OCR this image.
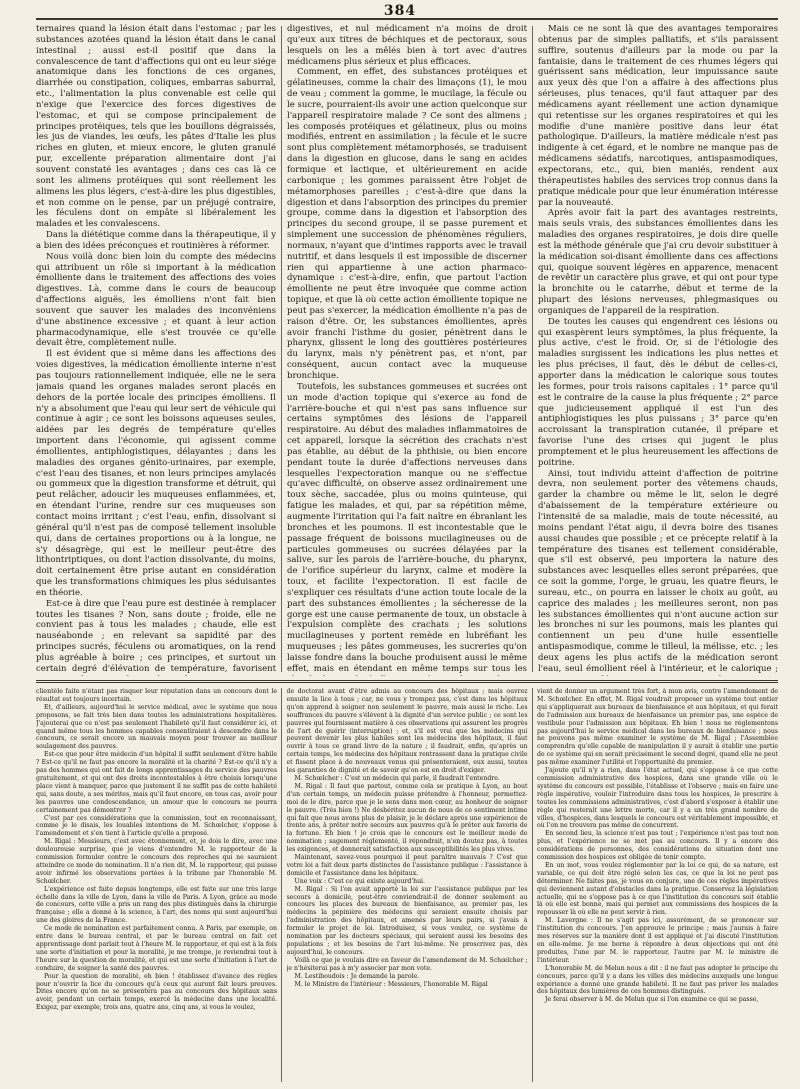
384

ternaires quand la lésion était dans l'estomac ; par les substances azotées quand la lésion était dans le canal intestinal ; aussi est-il positif que dans la convalescence de tant d'affections qui ont eu leur siége anatomique dans les fonctions de ces organes, diarrhée ou constipation, coliques, embarras saburral, etc., l'alimentation la plus convenable est celle qui n'exige que l'exercice des forces digestives de l'estomac, et qui se compose principalement de principes protéiques, tels que les bouillons dégraissés, les jus de viandes, les œufs, les pâtes d'Italie les plus riches en gluten, et mieux encore, le gluten granulé pur, excellente préparation alimentaire dont j'ai souvent constaté les avantages ; dans ces cas là ce sont les alimens protéiques qui sont réellement les alimens les plus légers, c'est-à-dire les plus digestibles, et non comme on le pense, par un préjugé contraire, les féculens dont on empâte si libéralement les malades et les convalescens.

Dans la diététique comme dans la thérapeutique, il y a bien des idées préconçues et routinières à réformer.

Nous voilà donc bien loin du compte des médecins qui attribuent un rôle si important à la médication émolliente dans le traitement des affections des voies digestives. Là, comme dans le cours de beaucoup d'affections aiguës, les émolliens n'ont fait bien souvent que sauver les malades des inconvéniens d'une abstinence excessive ; et quant à leur action pharmacodynamique, elle s'est trouvée ce qu'elle devait être, complètement nulle.

Il est évident que si même dans les affections des voies digestives, la médication émolliente interne n'est pas toujours rationnellement indiquée, elle ne le sera jamais quand les organes malades seront placés en dehors de la portée locale des principes émolliens. Il n'y a absolument que l'eau qui leur sert de véhicule qui continue à agir ; ce sont les boissons aqueuses seules, aidées par les degrés de température qu'elles importent dans l'économie, qui agissent comme émollientes, antiphlogistiques, délayantes ; dans les maladies des organes génito-urinaires, par exemple, c'est l'eau des tisanes, et non leurs principes amylacés ou gommeux que la digestion transforme et détruit, qui peut relâcher, adoucir les muqueuses enflammées, et, en étendant l'urine, rendre sur ces muqueuses son contact moins irritant ; c'est l'eau, enfin, dissolvant si général qu'il n'est pas de composé tellement insoluble qui, dans de certaines proportions ou à la longue, ne s'y désagrège, qui est le meilleur peut-être des lithontriptiques, ou dont l'action dissolvante, du moins, doit certainement être prise autant en considération que les transformations chimiques les plus séduisantes en théorie.

Est-ce à dire que l'eau pure est destinée à remplacer toutes les tisanes ? Non, sans doute ; froide, elle ne convient pas à tous les malades ; chaude, elle est nauséabonde ; en relevant sa sapidité par des principes sucrés, féculens ou aromatiques, on la rend plus agréable à boire ; ces principes, et surtout un certain degré d'élévation de température, favorisent

digestives, et nul médicament n'a moins de droit qu'eux aux titres de béchiques et de pectoraux, sous lesquels on les a mêlés bien à tort avec d'autres médicamens plus sérieux et plus efficaces.

Comment, en effet, des substances protéiques et gélatineuses, comme la chair des limaçons (1), le mou de veau ; comment la gomme, le mucilage, la fécule ou le sucre, pourraient-ils avoir une action quelconque sur l'appareil respiratoire malade ? Ce sont des alimens ; les composés protéiques et gélatineux, plus ou moins modifiés, entrent en assimilation ; la fécule et le sucre sont plus complètement métamorphosés, se traduisent dans la digestion en glucose, dans le sang en acides formique et lactique, et ultérieurement en acide carbonique ; les gommes paraissent être l'objet de métamorphoses pareilles ; c'est-à-dire que dans la digestion et dans l'absorption des principes du premier groupe, comme dans la digestion et l'absorption des principes du second groupe, il se passe purement et simplement une succession de phénomènes réguliers, normaux, n'ayant que d'intimes rapports avec le travail nutritif, et dans lesquels il est impossible de discerner rien qui appartienne à une action pharmaco-dynamique : c'est-à-dire, enfin, que partout l'action émolliente ne peut être invoquée que comme action topique, et que là où cette action émolliente topique ne peut pas s'exercer, la médication émolliente n'a pas de raison d'être. Or, les substances émollientes, après avoir franchi l'isthme du gosier, pénètrent dans le pharynx, glissent le long des gouttières postérieures du larynx, mais n'y pénètrent pas, et n'ont, par conséquent, aucun contact avec la muqueuse bronchique.

Toutefois, les substances gommeuses et sucrées ont un mode d'action topique qui s'exerce au fond de l'arrière-bouche et qui n'est pas sans influence sur certains symptômes des lésions de l'appareil respiratoire. Au début des maladies inflammatoires de cet appareil, lorsque la sécrétion des crachats n'est pas établie, au début de la phthisie, ou bien encore pendant toute la durée d'affections nerveuses dans lesquelles l'expectoration manque ou ne s'effectue qu'avec difficulté, on observe assez ordinairement une toux sèche, saccadée, plus ou moins quinteuse, qui fatigue les malades, et qui, par sa répétition même, augmente l'irritation qui l'a fait naître en ébranlant les bronches et les poumons. Il est incontestable que le passage fréquent de boissons mucilagineuses ou de particules gommeuses ou sucrées délayées par la salive, sur les parois de l'arrière-bouche, du pharynx, de l'orifice supérieur du larynx, calme et modère la toux, et facilite l'expectoration. Il est facile de s'expliquer ces résultats d'une action toute locale de la part des substances émollientes ; la sécheresse de la gorge est une cause permanente de toux, un obstacle à l'expulsion complète des crachats ; les solutions mucilagineuses y portent remède en lubréfiant les muqueuses ; les pâtes gommeuses, les sucreries qu'on laisse fondre dans la bouche produisent aussi le même effet, mais en étendant en même temps sur tous les

Mais ce ne sont là que des avantages temporaires obtenus par de simples palliatifs, et s'ils paraissent suffire, soutenus d'ailleurs par la mode ou par la fantaisie, dans le traitement de ces rhumes légers qui guérissent sans médication, leur impuissance saute aux yeux dès que l'on a affaire à des affections plus sérieuses, plus tenaces, qu'il faut attaquer par des médicamens ayant réellement une action dynamique qui retentisse sur les organes respiratoires et qui les modifie d'une manière positive dans leur état pathologique. D'ailleurs, la matière médicale n'est pas indigente à cet égard, et le nombre ne manque pas de médicamens sédatifs, narcotiques, antispasmodiques, expectorans, etc., qui, bien maniés, rendent aux thérapeutistes habiles des services trop connus dans la pratique médicale pour que leur énumération intéresse par la nouveauté.

Après avoir fait la part des avantages restreints, mais seuls vrais, des substances émollientes dans les maladies des organes respiratoires, je dois dire quelle est la méthode générale que j'ai cru devoir substituer à la médication soi-disant émolliente dans ces affections qui, quoique souvent légères en apparence, menacent de revêtir un caractère plus grave, et qui ont pour type la bronchite ou le catarrhe, début et terme de la plupart des lésions nerveuses, phlegmasiques ou organiques de l'appareil de la respiration.

De toutes les causes qui engendrent ces lésions ou qui exaspèrent leurs symptômes, la plus fréquente, la plus active, c'est le froid. Or, si de l'étiologie des maladies surgissent les indications les plus nettes et les plus précises, il faut, dès le début de celles-ci, apporter dans la médication le calorique sous toutes les formes, pour trois raisons capitales : 1° parce qu'il est le contraire de la cause la plus fréquente ; 2° parce que judicieusement appliqué il est l'un des antiphlogistiques les plus puissans ; 3° parce qu'en accroissant la transpiration cutanée, il prépare et favorise l'une des crises qui jugent le plus promptement et le plus heureusement les affections de poitrine.

Ainsi, tout individu atteint d'affection de poitrine devra, non seulement porter des vêtemens chauds, garder la chambre ou même le lit, selon le degré d'abaissement de la température extérieure ou l'intensité de sa maladie, mais de toute nécessité, au moins pendant l'état aigu, il devra boire des tisanes aussi chaudes que possible ; et ce précepte relatif à la température des tisanes est tellement considérable, que s'il est observé, peu importera la nature des substances avec lesquelles elles seront préparées, que ce soit la gomme, l'orge, le gruau, les quatre fleurs, le sureau, etc., on pourra en laisser le choix au goût, au caprice des malades ; les meilleures seront, non pas les substances émollientes qui n'ont aucune action sur les bronches ni sur les poumons, mais les plantes qui contiennent un peu d'une huile essentielle antispasmodique, comme le tilleul, la mélisse, etc. ; les deux agens les plus actifs de la médication seront l'eau, seul émollient réel à l'intérieur, et le calorique ;

clientèle faite n'étant pas risquer leur réputation dans un concours dont le résultat est toujours incertain.

Et, d'ailleurs, aujourd'hui le service médical, avec le système que nous proposons, se fait très bien dans toutes les administrations hospitalières. J'ajouterai que ce n'est pas seulement l'habileté qu'il faut considérer ici, et quand même tous les hommes capables consentiraient à descendre dans le concours, ce serait encore un mauvais moyen pour trouver au meilleur soulagement des pauvres.

Est-ce que pour être médecin d'un hôpital il suffit seulement d'être habile ? Est-ce qu'il ne faut pas encore la moralité et la charité ? Est-ce qu'il n'y a pas des hommes qui ont fait de longs apprentissages du service des pauvres gratuitement, et qui ont des droits incontestables à être choisis lorsqu'une place vient à manquer, parce que justement il ne suffit pas de cette habileté qui, sans doute, a ses mérites, mais qu'il faut encore, en tous cas, avoir pour les pauvres une condescendance, un amour que le concours ne pourra certainement pas démontrer ?

C'est par ces considérations que la commission, tout en reconnaissant, comme je le disais, les louables intentions de M. Schœlcher, s'oppose à l'amendement et s'en tient à l'article qu'elle a proposé.

M. Rigal : Messieurs, c'est avec étonnement, et, je dois le dire, avec une douloureuse surprise, que je viens d'entendre M. le rapporteur de la commission formuler contre le concours des reproches qui ne sauraient atteindre ce mode de nomination. Il n'a rien dit, M. le rapporteur, qui puisse avoir infirmé les observations portées à la tribune par l'honorable M. Schœlcher.

L'expérience est faite depuis longtemps, elle est faite sur une très large échelle dans la ville de Lyon, dans la ville de Paris. A Lyon, grâce au mode de concours, cette ville a pris un rang des plus distingués dans la chirurgie française ; elle a donné à la science, à l'art, des noms qui sont aujourd'hui une des gloires de la France.

Ce mode de nomination est parfaitement connu. A Paris, par exemple, on entre dans le bureau central, et par le bureau central on fait cet apprentissage dont parlait tout à l'heure M. le rapporteur, et qui est à la fois une sorte d'initiation et pour la moralité, je me trompe, je reviendrai tout à l'heure sur la question de moralité, et qui est une sorte d'initiation à l'art de conduire, de soigner la santé des pauvres.

Pour la question de moralité, eh bien ! établissez d'avance des règles pour n'ouvrir la lice du concours qu'à ceux qui auront fait leurs preuves. Dites encore qu'on ne se présentera pas au concours des hôpitaux sans avoir, pendant un certain temps, exercé la médecine dans une localité. Exigez, par exemple, trois ans, quatre ans, cinq ans, si vous le voulez,

de doctorat avant d'être admis au concours des hôpitaux ; mais ouvrez ensuite la lice à tous ; car, ne vous y trompez pas, c'est dans les hôpitaux qu'on apprend à soigner non seulement le pauvre, mais aussi le riche. Les souffrances du pauvre s'élèvent à la dignité d'un service public ; ce sont les pauvres qui fournissent matière à ces observations qui assurent les progrès de l'art de guérir (interruption) ; et, s'il est vrai que les médecins qui peuvent devenir les plus habiles sont les médecins des hôpitaux, il faut ouvrir à tous ce grand livre de la nature ; il faudrait, enfin, qu'après un certain temps, les médecins des hôpitaux rentrassent dans la pratique civile et fissent place à de nouveaux venus qui présenteraient, eux aussi, toutes les garanties de dignité et de savoir qu'on est en droit d'exiger.

M. Schœlcher : C'est un médecin qui parle, il faudrait l'entendre.

M. Rigal : Il faut que partout, comme cela se pratique à Lyon, au bout d'un certain temps, un médecin puisse prétendre à l'honneur, permettez-moi de le dire, parce que je le sens dans mon cœur, au bonheur de soigner le pauvre. (Très bien !) Ne déshéritez aucun de nous de ce sentiment intime qui fait que nous avons plus de plaisir, je le déclare après une expérience de trente ans, à prêter notre secours aux pauvres qu'à le prêter aux favoris de la fortune. Eh bien ! je crois que le concours est le meilleur mode de nomination ; sagement réglementé, il répondrait, n'en doutez pas, à toutes les exigences, et donnerait satisfaction aux susceptibilités les plus vives.

Maintenant, savez-vous pourquoi il peut paraître mauvais ? C'est que votre loi a fait deux parts distinctes de l'assistance publique : l'assistance à domicile et l'assistance dans les hôpitaux.

Une voix : C'est ce qui existe aujourd'hui.

M. Rigal : Si l'on avait apporté la loi sur l'assistance publique par les secours à domicile, peut-être conviendrait-il de donner seulement au concours les places des bureaux de bienfaisance, au premier pas, les médecins la pépinière des médecins qui seraient ensuite choisis par l'administration des hôpitaux, et amenés par leurs pairs, si j'avais à formuler le projet de loi. Introduisez, si vous voulez, ce système de nomination par les docteurs spéciaux, qui seraient aussi les besoins des populations ; et les besoins de l'art lui-même. Ne proscrivez pas, dès aujourd'hui, le concours.

Voilà ce que je voulais dire en faveur de l'amendement de M. Schœlcher ; je n'hésiterai pas à m'y associer par mon vote.

M. Lestiboudois : Je demande la parole.

M. le Ministre de l'intérieur : Messieurs, l'honorable M. Rigal

vient de donner un argument très fort, à mon avis, contre l'amendement de M. Schœlcher. En effet, M. Rigal voudrait proposer un système tout entier qui s'appliquerait aux bureaux de bienfaisance et aux hôpitaux, et qui ferait de l'admission aux bureaux de bienfaisance un premier pas, une espèce de vestibule pour l'admission aux hôpitaux. Eh bien ! nous ne réglementons pas aujourd'hui le service médical dans les bureaux de bienfaisance ; nous ne pouvons pas même examiner le système de M. Rigal ; l'Assemblée comprendra qu'elle capable de manipulation il y aurait à établir une partie de ce système qui en serait précisément le second degré, quand elle ne peut pas même examiner l'utilité et l'opportunité du premier.

J'ajoute qu'il n'y a rien, dans l'état actuel, qui s'oppose à ce que cette commission administrative des hospices, dans une grande ville où le système du concours est possible, l'établisse et l'observe ; mais en faire une règle impérative, vouloir l'introduire dans tous les hospices, le prescrire à toutes les commissions administratives, c'est d'abord s'exposer à établir une règle qui resterait une lettre morte, car il y a un très grand nombre de villes, d'hospices, dans lesquels le concours est véritablement impossible, et où l'on ne trouvera pas même de concurrent.

En second lieu, la science n'est pas tout ; l'expérience n'est pas tout non plus, et l'expérience ne se met pas au concours. Il y a encore des considérations de personnes, des considérations de situation dont une commission des hospices est obligée de tenir compte.

En un mot, vous voulez réglementer par la loi ce qui, de sa nature, est variable, ce qui doit être réglé selon les cas, ce que la loi ne peut pas déterminer. Ne faites pas, je vous en conjure, une de ces règles impératives qui deviennent autant d'obstacles dans la pratique. Conservez la législation actuelle, qui ne s'oppose pas à ce que l'institution du concours soit établie là où elle est bonne, mais qui permet aux commissions des hospices de la repousser là où elle ne peut servir à rien.

M. Lavergne : Il ne s'agit pas ici, assurément, de se prononcer sur l'institution du concours. J'en approuve le principe ; mais j'aurais à faire mes réserves sur la manière dont il est appliqué et j'ai discuté l'institution en elle-même. Je me borne à répondre à deux objections qui ont été produites, l'une par M. le rapporteur, l'autre par M. le ministre de l'intérieur.

L'honorable M. de Melun nous a dit : il ne faut pas adopter le principe du concours, parce qu'il y a dans les villes des médecins auxquels une longue expérience a donné une grande habileté. Il ne faut pas priver les malades des hôpitaux des lumières de ces hommes distingués.

Je ferai observer à M. de Melun que si l'on examine ce qui se passe,
